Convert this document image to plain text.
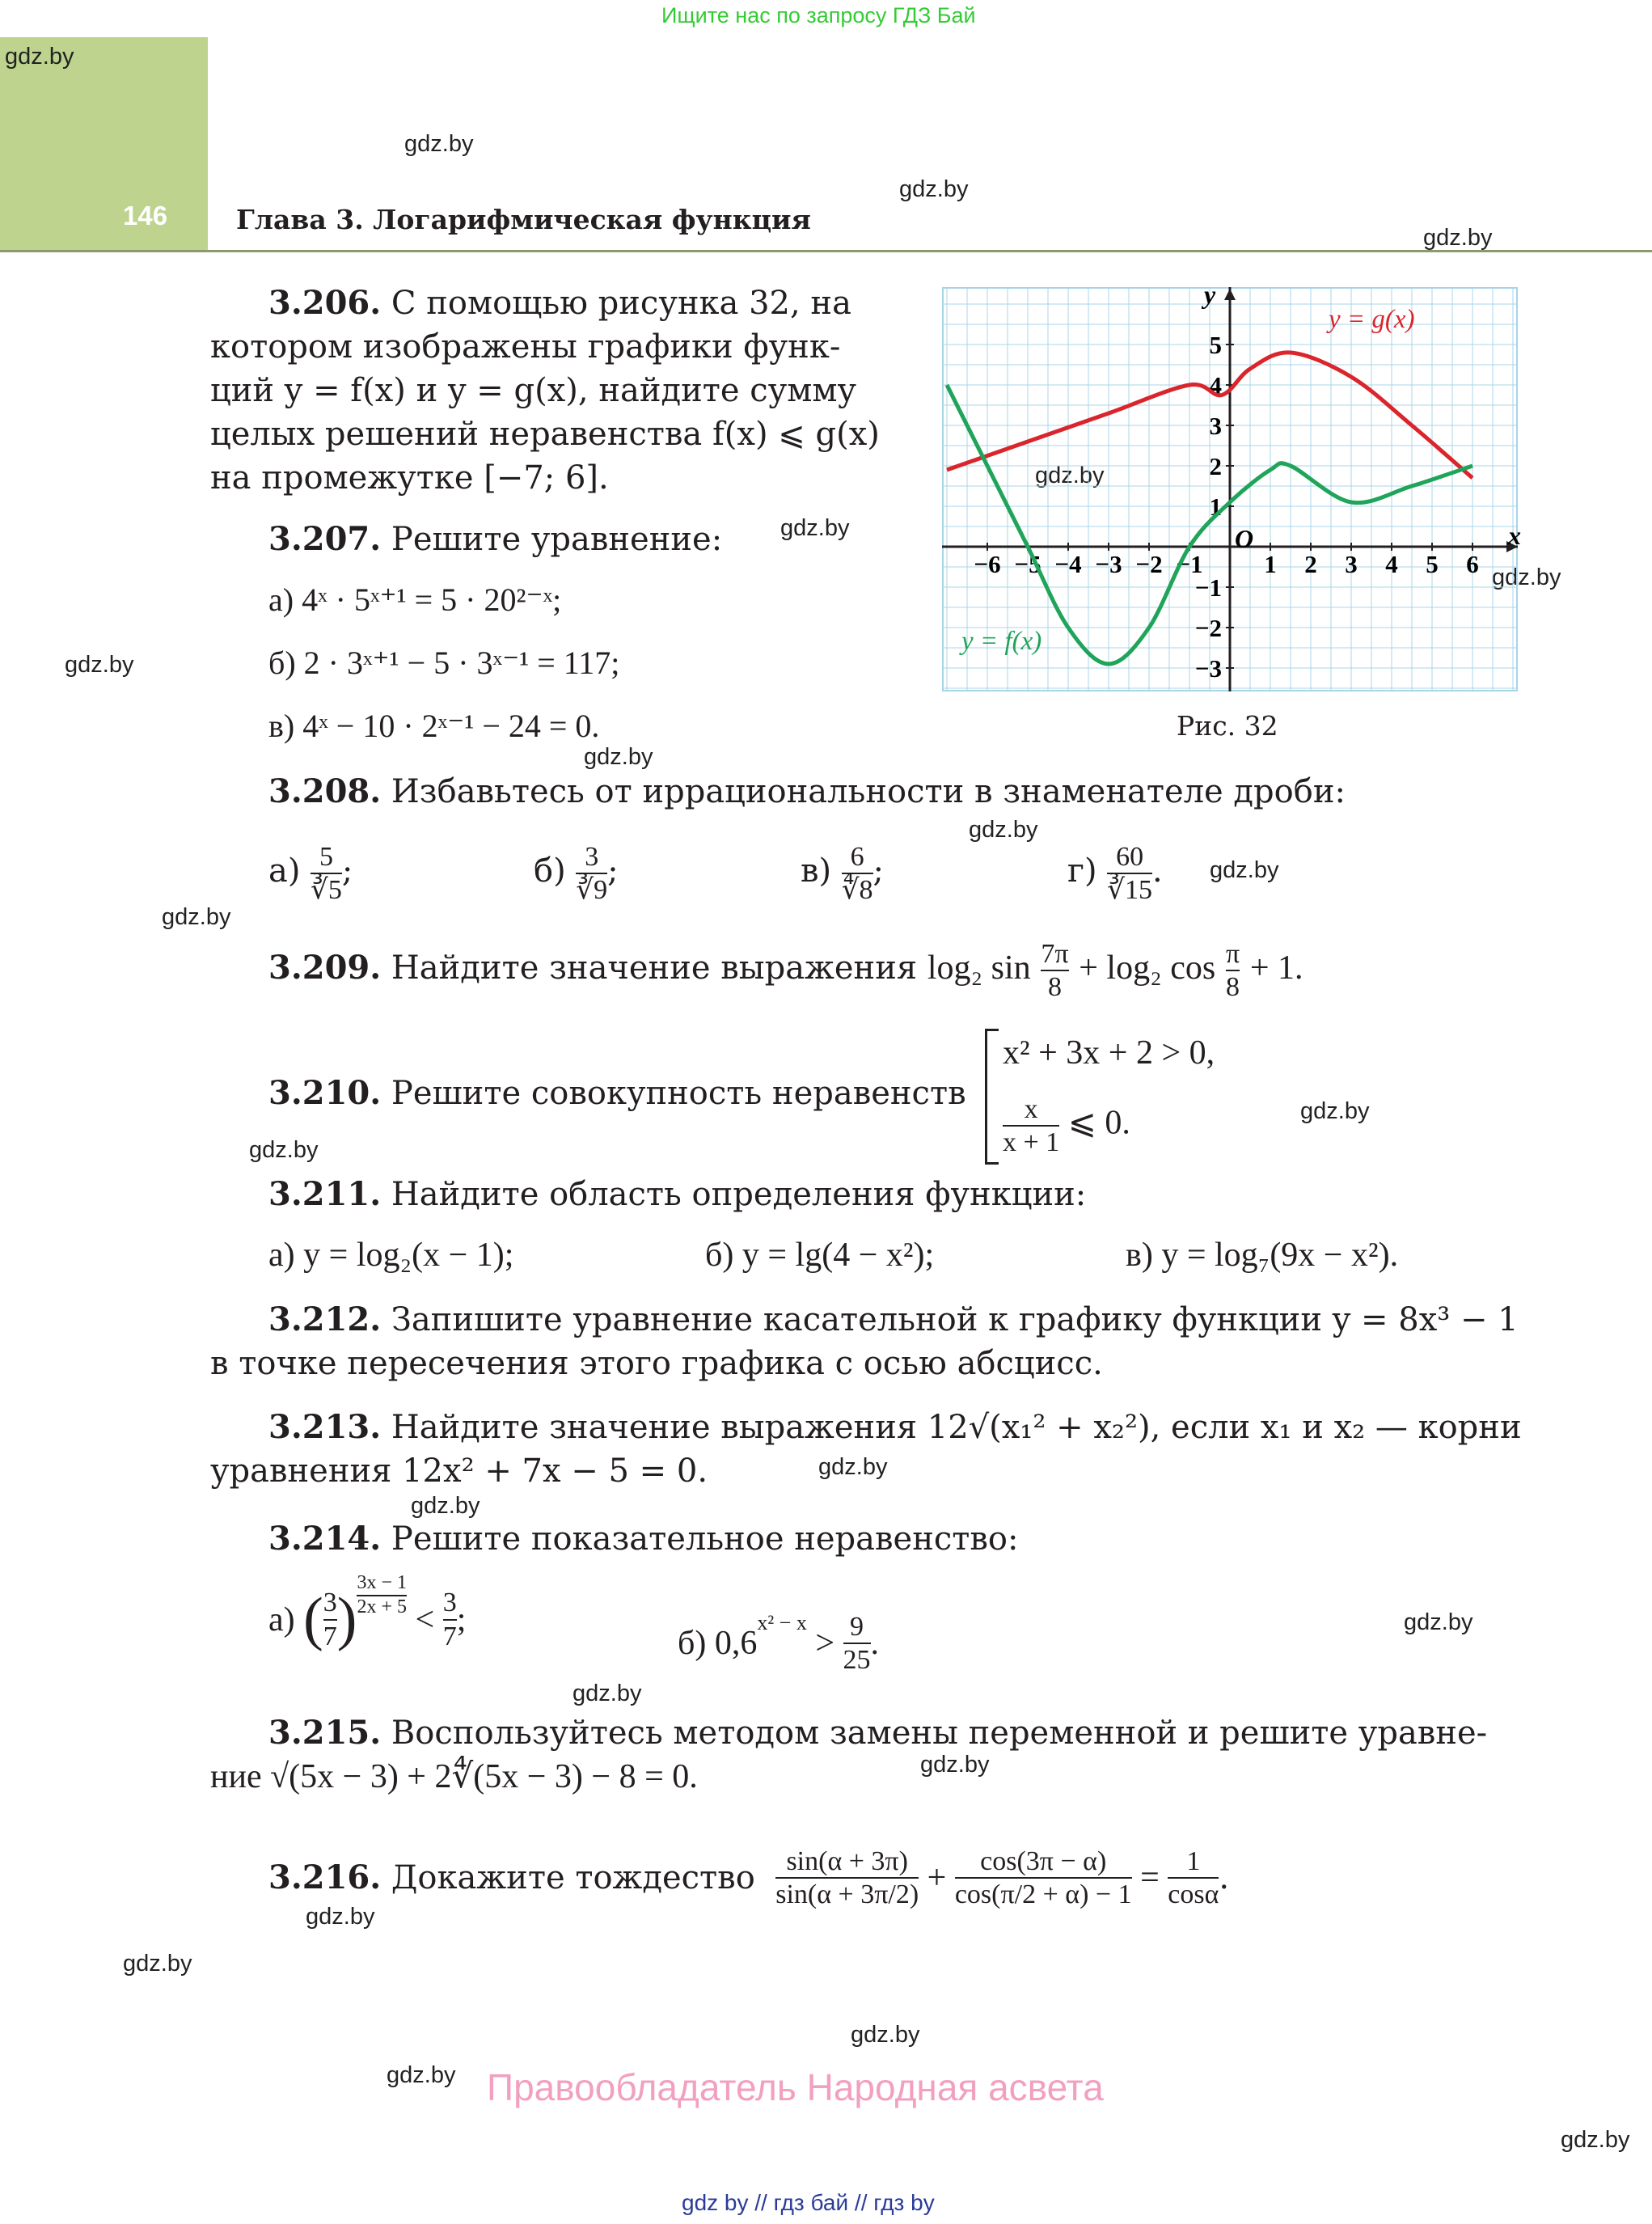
Ищите нас по запросу ГДЗ Бай
146	Глава 3. Логарифмическая функция
gdz.by
gdz.by
gdz.by
gdz.by
gdz.by
gdz.by
gdz.by
gdz.by
gdz.by
gdz.by
gdz.by
gdz.by
gdz.by
gdz.by
gdz.by
gdz.by
gdz.by
gdz.by
gdz.by
gdz.by
gdz.by
gdz.by
gdz.by
gdz.by
3.206. С помощью рисунка 32, на
котором изображены графики функ-
ций y = f(x) и y = g(x), найдите сумму
целых решений неравенства f(x) ⩽ g(x)
на промежутке [−7; 6].
−6 −5 −4 −3 −2 −1 1 2 3 4 5 6
5
4
3
2
1
−1
−2
−3
x
y
O
y = g(x)
y = f(x)
Рис. 32
3.207. Решите уравнение:
а) 4ˣ · 5ˣ⁺¹ = 5 · 20²⁻ˣ;
б) 2 · 3ˣ⁺¹ − 5 · 3ˣ⁻¹ = 117;
в) 4ˣ − 10 · 2ˣ⁻¹ − 24 = 0.
3.208. Избавьтесь от иррациональности в знаменателе дроби:
$а) \frac{5}{∛5}$ ;	$б) \frac{3}{∛9}$ ;	$в) \frac{6}{∜8}$ ;	$г) \frac{60}{∛15}$ .
3.209. Найдите значение выражения log₂ $\sin \frac{7\pi}{8} + \log_2$ $\cos \frac{\pi}{8} + 1$.
3.210. Решите совокупность неравенств
x² + 3x + 2 > 0,
$\frac{x}{x + 1}$ ⩽ 0.
3.211. Найдите область определения функции:
а) y = log₂(x − 1);	б) y = lg(4 − x²);	в) y = log₇(9x − x²).
3.212. Запишите уравнение касательной к графику функции y = 8x³ − 1
в точке пересечения этого графика с осью абсцисс.
3.213. Найдите значение выражения 12√(x₁² + x₂²), если x₁ и x₂ — корни
уравнения 12x² + 7x − 5 = 0.
3.214. Решите показательное неравенство:
а)
( $\frac{3}{7}$ ) $\frac{3x - 1}{2x + 5}$
< $\frac{3}{7}$ ;
б)
0,6
$^{x^2 - x}$
> $\frac{9}{25}$ .
3.215. Воспользуйтесь методом замены переменной и решите уравне-
ние √(5x − 3) + 2∜(5x − 3) − 8 = 0.
3.216.
Докажите тождество
$\frac{\sin(\alpha + 3\pi)}{\sin(\alpha + 3\pi/2)} + \frac{\cos(3\pi - \alpha)}{\cos(\pi/2 + \alpha) - 1} = \frac{1}{\cos\alpha}$ .
Правообладатель Народная асвета
gdz by // гдз бай // гдз by
